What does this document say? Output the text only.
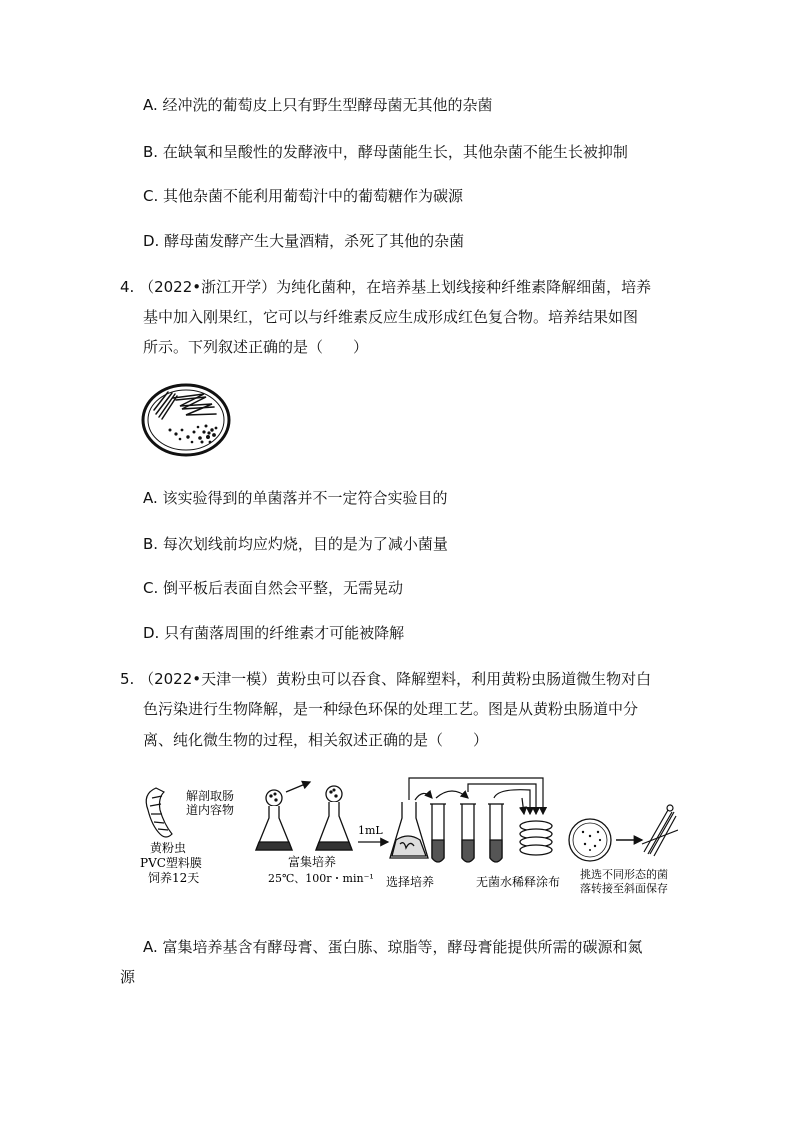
A. 经冲洗的葡萄皮上只有野生型酵母菌无其他的杂菌
B. 在缺氧和呈酸性的发酵液中，酵母菌能生长，其他杂菌不能生长被抑制
C. 其他杂菌不能利用葡萄汁中的葡萄糖作为碳源
D. 酵母菌发酵产生大量酒精，杀死了其他的杂菌
4. （2022•浙江开学）为纯化菌种，在培养基上划线接种纤维素降解细菌，培养
基中加入刚果红，它可以与纤维素反应生成形成红色复合物。培养结果如图
所示。下列叙述正确的是（　　）
A. 该实验得到的单菌落并不一定符合实验目的
B. 每次划线前均应灼烧，目的是为了减小菌量
C. 倒平板后表面自然会平整，无需晃动
D. 只有菌落周围的纤维素才可能被降解
5. （2022•天津一模）黄粉虫可以吞食、降解塑料，利用黄粉虫肠道微生物对白
色污染进行生物降解，是一种绿色环保的处理工艺。图是从黄粉虫肠道中分
离、纯化微生物的过程，相关叙述正确的是（　　）
解剖取肠
道内容物
黄粉虫
PVC塑料膜
饲养12天
富集培养
25℃、100r・min⁻¹
1mL
选择培养	无菌水稀释涂布
挑选不同形态的菌
落转接至斜面保存
A. 富集培养基含有酵母膏、蛋白胨、琼脂等，酵母膏能提供所需的碳源和氮
源
